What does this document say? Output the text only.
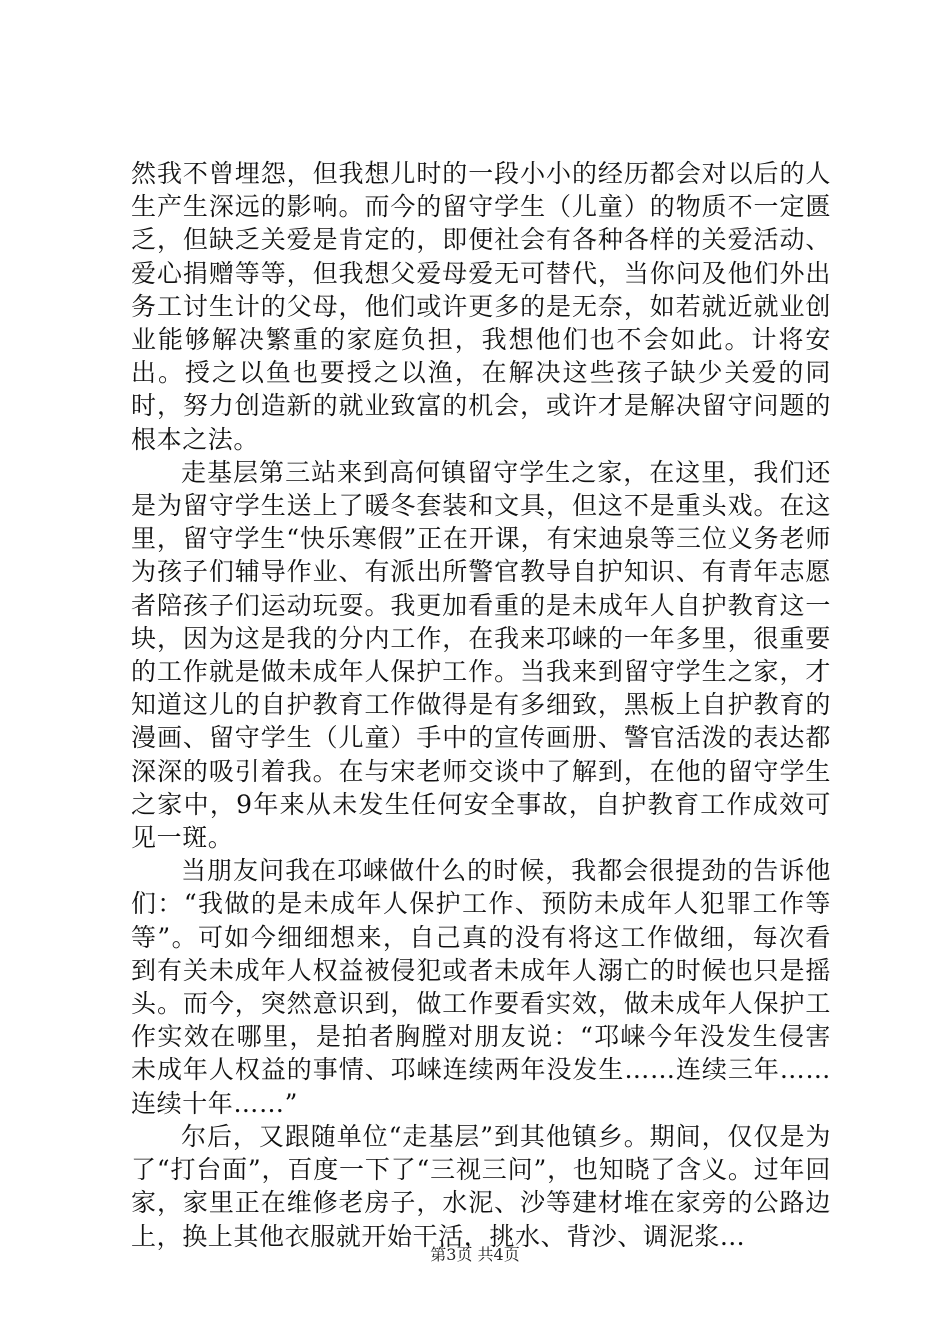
然我不曾埋怨，但我想儿时的一段小小的经历都会对以后的人生产生深远的影响。而今的留守学生（儿童）的物质不一定匮乏，但缺乏关爱是肯定的，即便社会有各种各样的关爱活动、爱心捐赠等等，但我想父爱母爱无可替代，当你问及他们外出务工讨生计的父母，他们或许更多的是无奈，如若就近就业创业能够解决繁重的家庭负担，我想他们也不会如此。计将安出。授之以鱼也要授之以渔，在解决这些孩子缺少关爱的同时，努力创造新的就业致富的机会，或许才是解决留守问题的根本之法。

走基层第三站来到高何镇留守学生之家，在这里，我们还是为留守学生送上了暖冬套装和文具，但这不是重头戏。在这里，留守学生“快乐寒假”正在开课，有宋迪泉等三位义务老师为孩子们辅导作业、有派出所警官教导自护知识、有青年志愿者陪孩子们运动玩耍。我更加看重的是未成年人自护教育这一块，因为这是我的分内工作，在我来邛崃的一年多里，很重要的工作就是做未成年人保护工作。当我来到留守学生之家，才知道这儿的自护教育工作做得是有多细致，黑板上自护教育的漫画、留守学生（儿童）手中的宣传画册、警官活泼的表达都深深的吸引着我。在与宋老师交谈中了解到，在他的留守学生之家中，9年来从未发生任何安全事故，自护教育工作成效可见一斑。

当朋友问我在邛崃做什么的时候，我都会很提劲的告诉他们：“我做的是未成年人保护工作、预防未成年人犯罪工作等等”。可如今细细想来，自己真的没有将这工作做细，每次看到有关未成年人权益被侵犯或者未成年人溺亡的时候也只是摇头。而今，突然意识到，做工作要看实效，做未成年人保护工作实效在哪里，是拍者胸膛对朋友说：“邛崃今年没发生侵害未成年人权益的事情、邛崃连续两年没发生……连续三年……连续十年……”

尔后，又跟随单位“走基层”到其他镇乡。期间，仅仅是为了“打台面”，百度一下了“三视三问”，也知晓了含义。过年回家，家里正在维修老房子，水泥、沙等建材堆在家旁的公路边上，换上其他衣服就开始干活，挑水、背沙、调泥浆…

第3页 共4页
